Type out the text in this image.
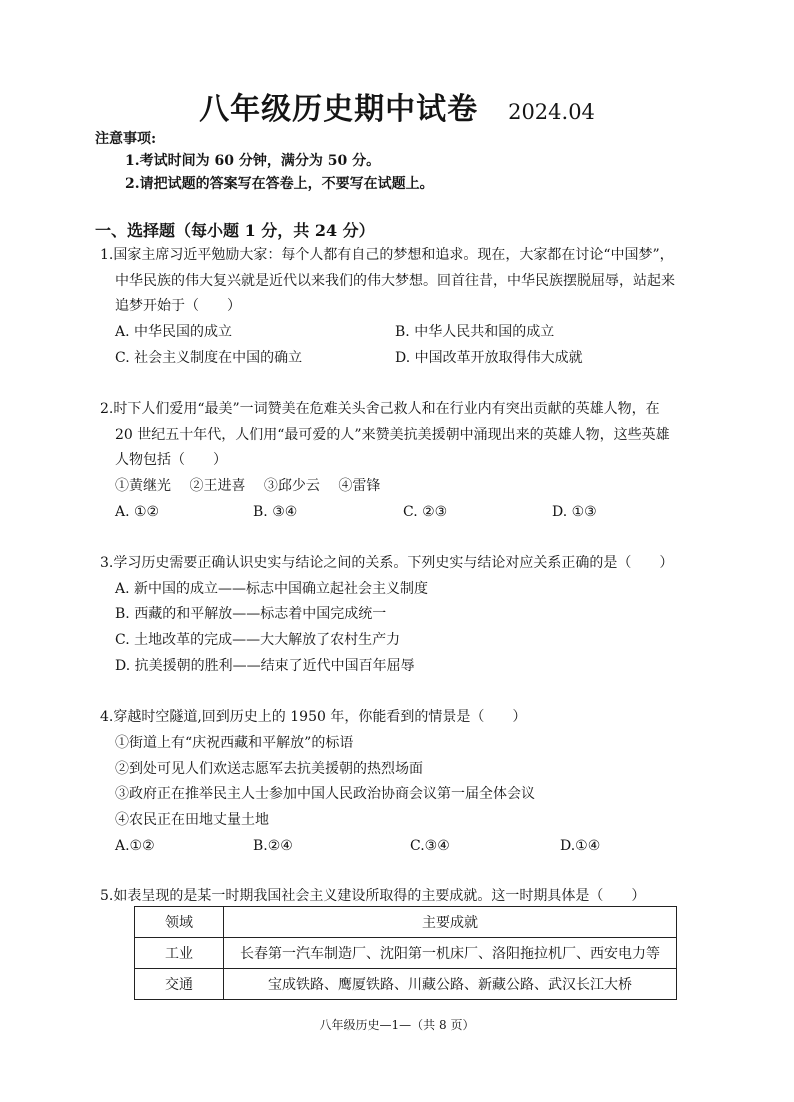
八年级历史期中试卷 2024.04
注意事项:
1.考试时间为 60 分钟，满分为 50 分。
2.请把试题的答案写在答卷上，不要写在试题上。
一、选择题（每小题 1 分，共 24 分）
1.国家主席习近平勉励大家：每个人都有自己的梦想和追求。现在，大家都在讨论“中国梦”，
中华民族的伟大复兴就是近代以来我们的伟大梦想。回首往昔，中华民族摆脱屈辱，站起来
追梦开始于（　　）
A. 中华民国的成立	B. 中华人民共和国的成立
C. 社会主义制度在中国的确立	D. 中国改革开放取得伟大成就
2.时下人们爱用“最美”一词赞美在危难关头舍己救人和在行业内有突出贡献的英雄人物，在
20 世纪五十年代，人们用“最可爱的人”来赞美抗美援朝中涌现出来的英雄人物，这些英雄
人物包括（　　）
①黄继光　 ②王进喜　 ③邱少云　 ④雷锋
A. ①②	B. ③④	C. ②③	D. ①③
3.学习历史需要正确认识史实与结论之间的关系。下列史实与结论对应关系正确的是（　　）
A. 新中国的成立——标志中国确立起社会主义制度
B. 西藏的和平解放——标志着中国完成统一
C. 土地改革的完成——大大解放了农村生产力
D. 抗美援朝的胜利——结束了近代中国百年屈辱
4.穿越时空隧道,回到历史上的 1950 年，你能看到的情景是（　　）
①街道上有“庆祝西藏和平解放”的标语
②到处可见人们欢送志愿军去抗美援朝的热烈场面
③政府正在推举民主人士参加中国人民政治协商会议第一届全体会议
④农民正在田地丈量土地
A.①②	B.②④	C.③④	D.①④
5.如表呈现的是某一时期我国社会主义建设所取得的主要成就。这一时期具体是（　　）
领域	主要成就
工业	长春第一汽车制造厂、沈阳第一机床厂、洛阳拖拉机厂、西安电力等
交通	宝成铁路、鹰厦铁路、川藏公路、新藏公路、武汉长江大桥
八年级历史—1—（共 8 页）
